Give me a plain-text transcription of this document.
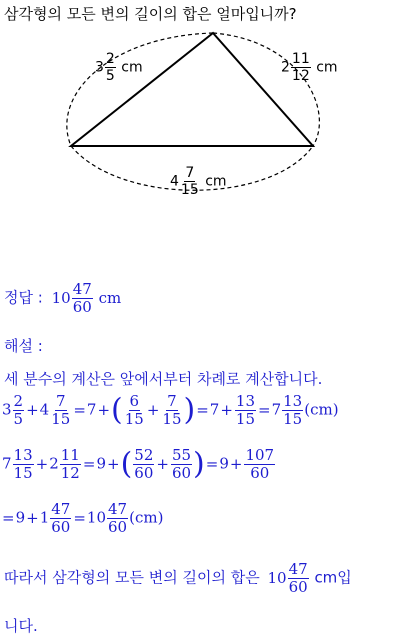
삼각형의 모든 변의 길이의 합은 얼마입니까?
$3 \frac{2}{5}$ cm	$2 \frac{11}{12}$ cm
$4 \frac{7}{15}$ cm
정답 : $10 \frac{47}{60}$ cm
해설 :
세 분수의 계산은 앞에서부터 차례로 계산합니다.
$3 \frac{2}{5} +4 \frac{7}{15} =7+( \frac{6}{15} + \frac{7}{15} )=7+ \frac{13}{15} =7 \frac{13}{15} (cm)$
$7 \frac{13}{15} +2 \frac{11}{12} =9+( \frac{52}{60} + \frac{55}{60} )=9+ \frac{107}{60}$
$=9+1 \frac{47}{60} =10 \frac{47}{60} (cm)$
따라서 삼각형의 모든 변의 길이의 합은 $10 \frac{47}{60}$ cm입
니다.
